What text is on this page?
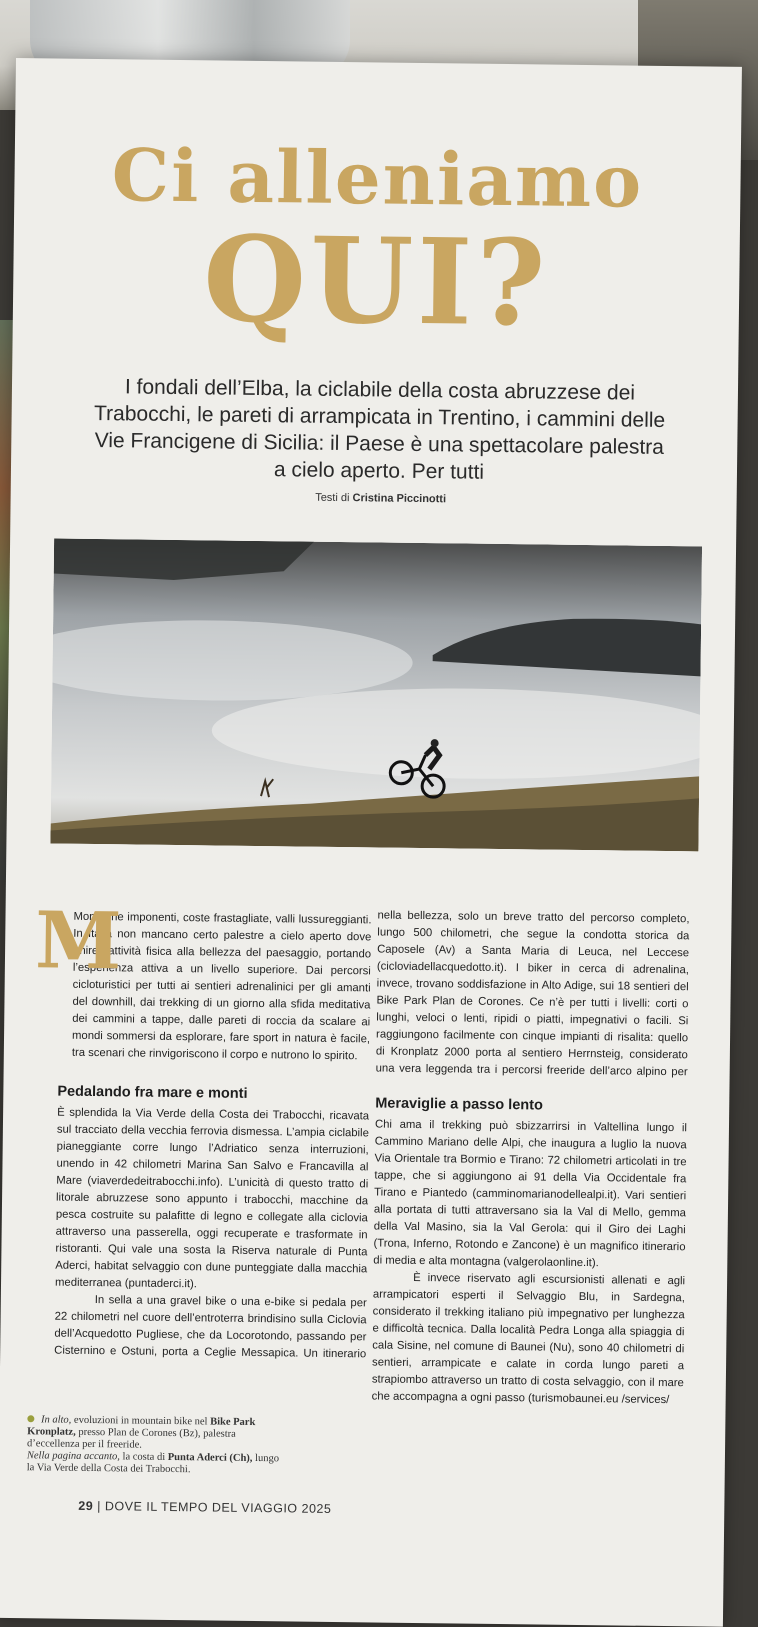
Ci alleniamo
QUI?
I fondali dell’Elba, la ciclabile della costa abruzzese dei Trabocchi, le pareti di arrampicata in Trentino, i cammini delle Vie Francigene di Sicilia: il Paese è una spettacolare palestra a cielo aperto. Per tutti
Testi di Cristina Piccinotti
M

Montagne imponenti, coste frastagliate, valli lussureggianti. In Italia non mancano certo palestre a cielo aperto dove unire l’attività fisica alla bellezza del paesaggio, portando l’esperienza attiva a un livello superiore. Dai percorsi cicloturistici per tutti ai sentieri adrenalinici per gli amanti del downhill, dai trekking di un giorno alla sfida meditativa dei cammini a tappe, dalle pareti di roccia da scalare ai mondi sommersi da esplorare, fare sport in natura è facile, tra scenari che rinvigoriscono il corpo e nutrono lo spirito.

Pedalando fra mare e monti

È splendida la Via Verde della Costa dei Trabocchi, ricavata sul tracciato della vecchia ferrovia dismessa. L’ampia ciclabile pianeggiante corre lungo l’Adriatico senza interruzioni, unendo in 42 chilometri Marina San Salvo e Francavilla al Mare (viaverdedeitrabocchi.info). L’unicità di questo tratto di litorale abruzzese sono appunto i trabocchi, macchine da pesca costruite su palafitte di legno e collegate alla ciclovia attraverso una passerella, oggi recuperate e trasformate in ristoranti. Qui vale una sosta la Riserva naturale di Punta Aderci, habitat selvaggio con dune punteggiate dalla macchia mediterranea (puntaderci.it).

In sella a una gravel bike o una e-bike si pedala per 22 chilometri nel cuore dell’entroterra brindisino sulla Ciclovia dell’Acquedotto Pugliese, che da Locorotondo, passando per Cisternino e Ostuni, porta a Ceglie Messapica. Un itinerario

nella bellezza, solo un breve tratto del percorso completo, lungo 500 chilometri, che segue la condotta storica da Caposele (Av) a Santa Maria di Leuca, nel Leccese (cicloviadellacquedotto.it). I biker in cerca di adrenalina, invece, trovano soddisfazione in Alto Adige, sui 18 sentieri del Bike Park Plan de Corones. Ce n’è per tutti i livelli: corti o lunghi, veloci o lenti, ripidi o piatti, impegnativi o facili. Si raggiungono facilmente con cinque impianti di risalita: quello di Kronplatz 2000 porta al sentiero Herrnsteig, considerato una vera leggenda tra i percorsi freeride dell’arco alpino per

Meraviglie a passo lento

Chi ama il trekking può sbizzarrirsi in Valtellina lungo il Cammino Mariano delle Alpi, che inaugura a luglio la nuova Via Orientale tra Bormio e Tirano: 72 chilometri articolati in tre tappe, che si aggiungono ai 91 della Via Occidentale fra Tirano e Piantedo (camminomarianodellealpi.it). Vari sentieri alla portata di tutti attraversano sia la Val di Mello, gemma della Val Masino, sia la Val Gerola: qui il Giro dei Laghi (Trona, Inferno, Rotondo e Zancone) è un magnifico itinerario di media e alta montagna (valgerolaonline.it).

È invece riservato agli escursionisti allenati e agli arrampicatori esperti il Selvaggio Blu, in Sardegna, considerato il trekking italiano più impegnativo per lunghezza e difficoltà tecnica. Dalla località Pedra Longa alla spiaggia di cala Sisine, nel comune di Baunei (Nu), sono 40 chilometri di sentieri, arrampicate e calate in corda lungo pareti a strapiombo attraverso un tratto di costa selvaggio, con il mare che accompagna a ogni passo (turismobaunei.eu /services/

In alto, evoluzioni in mountain bike nel Bike Park Kronplatz, presso Plan de Corones (Bz), palestra d’eccellenza per il freeride.
Nella pagina accanto, la costa di Punta Aderci (Ch), lungo la Via Verde della Costa dei Trabocchi.
29 | DOVE IL TEMPO DEL VIAGGIO 2025
